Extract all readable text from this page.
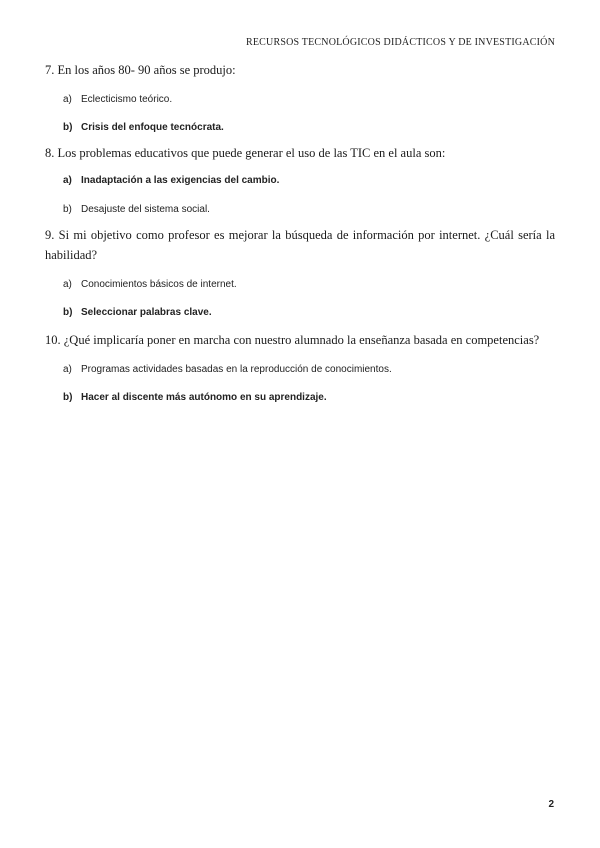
RECURSOS TECNOLÓGICOS DIDÁCTICOS Y DE INVESTIGACIÓN

7. En los años 80- 90 años se produjo:

a) Eclecticismo teórico.
b) Crisis del enfoque tecnócrata.

8. Los problemas educativos que puede generar el uso de las TIC en el aula son:

a) Inadaptación a las exigencias del cambio.
b) Desajuste del sistema social.

9. Si mi objetivo como profesor es mejorar la búsqueda de información por internet. ¿Cuál sería la habilidad?

a) Conocimientos básicos de internet.
b) Seleccionar palabras clave.

10. ¿Qué implicaría poner en marcha con nuestro alumnado la enseñanza basada en competencias?

a) Programas actividades basadas en la reproducción de conocimientos.
b) Hacer al discente más autónomo en su aprendizaje.
2
